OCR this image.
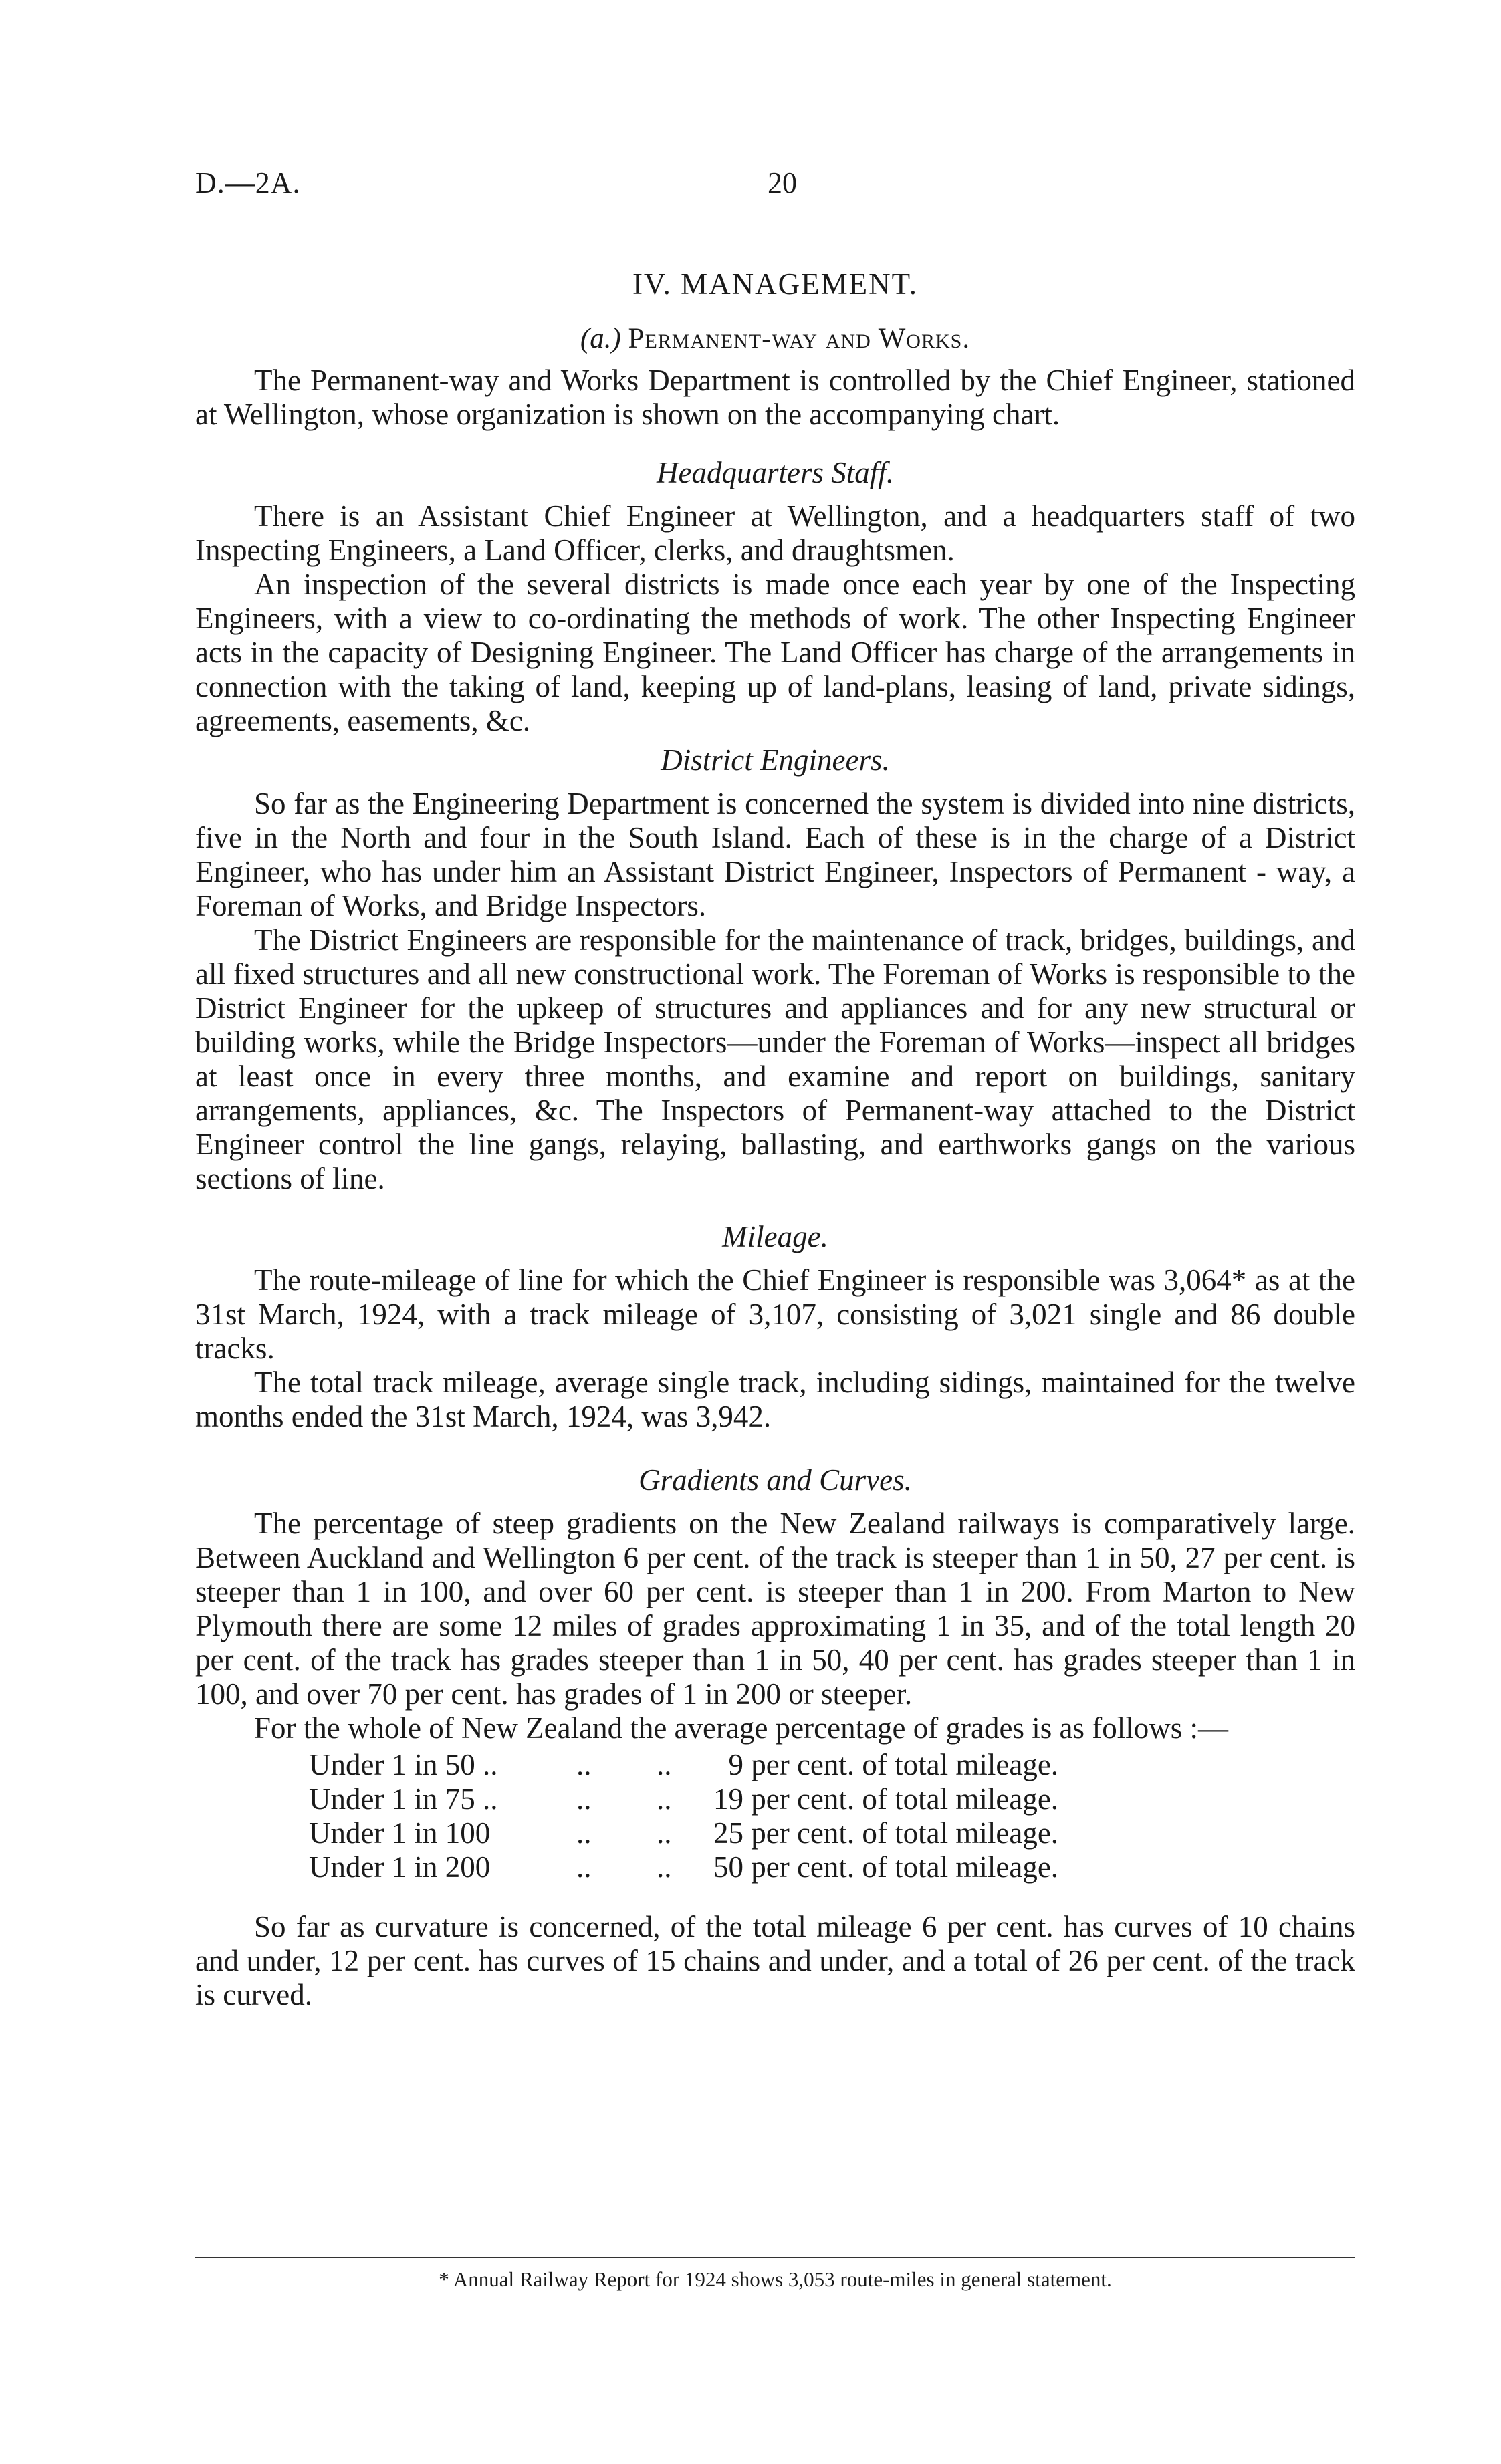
D.—2A.	20
IV. MANAGEMENT.
(a.) Permanent-way and Works.

The Permanent-way and Works Department is controlled by the Chief Engineer, stationed at Wellington, whose organization is shown on the accompanying chart.

Headquarters Staff.

There is an Assistant Chief Engineer at Wellington, and a headquarters staff of two Inspecting Engineers, a Land Officer, clerks, and draughtsmen.

An inspection of the several districts is made once each year by one of the Inspecting Engineers, with a view to co-ordinating the methods of work. The other Inspecting Engineer acts in the capacity of Designing Engineer. The Land Officer has charge of the arrangements in connection with the taking of land, keeping up of land-plans, leasing of land, private sidings, agreements, easements, &c.

District Engineers.

So far as the Engineering Department is concerned the system is divided into nine districts, five in the North and four in the South Island. Each of these is in the charge of a District Engineer, who has under him an Assistant District Engineer, Inspectors of Permanent - way, a Foreman of Works, and Bridge Inspectors.

The District Engineers are responsible for the maintenance of track, bridges, buildings, and all fixed structures and all new constructional work. The Foreman of Works is responsible to the District Engineer for the upkeep of structures and appliances and for any new structural or building works, while the Bridge Inspectors—under the Foreman of Works—inspect all bridges at least once in every three months, and examine and report on buildings, sanitary arrangements, appliances, &c. The Inspectors of Permanent-way attached to the District Engineer control the line gangs, relaying, ballasting, and earthworks gangs on the various sections of line.

Mileage.

The route-mileage of line for which the Chief Engineer is responsible was 3,064* as at the 31st March, 1924, with a track mileage of 3,107, consisting of 3,021 single and 86 double tracks.

The total track mileage, average single track, including sidings, maintained for the twelve months ended the 31st March, 1924, was 3,942.

Gradients and Curves.

The percentage of steep gradients on the New Zealand railways is comparatively large. Between Auckland and Wellington 6 per cent. of the track is steeper than 1 in 50, 27 per cent. is steeper than 1 in 100, and over 60 per cent. is steeper than 1 in 200. From Marton to New Plymouth there are some 12 miles of grades approximating 1 in 35, and of the total length 20 per cent. of the track has grades steeper than 1 in 50, 40 per cent. has grades steeper than 1 in 100, and over 70 per cent. has grades of 1 in 200 or steeper.

For the whole of New Zealand the average percentage of grades is as follows :—

Under 1 in 50 ..	..	..	9 per cent. of total mileage.
Under 1 in 75 ..	..	..	19 per cent. of total mileage.
Under 1 in 100	..	..	25 per cent. of total mileage.
Under 1 in 200	..	..	50 per cent. of total mileage.

So far as curvature is concerned, of the total mileage 6 per cent. has curves of 10 chains and under, 12 per cent. has curves of 15 chains and under, and a total of 26 per cent. of the track is curved.

* Annual Railway Report for 1924 shows 3,053 route-miles in general statement.
